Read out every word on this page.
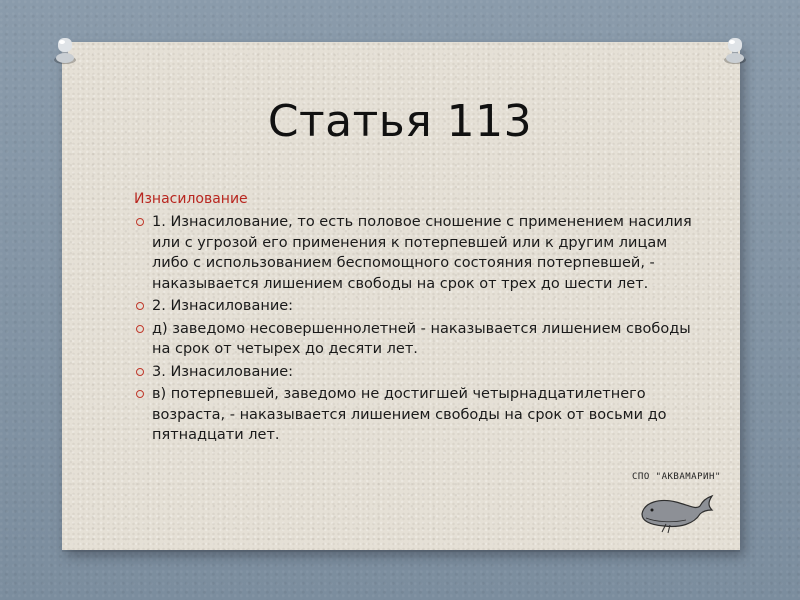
Статья 113
Изнасилование
1. Изнасилование, то есть половое сношение с применением насилия или с угрозой его применения к потерпевшей или к другим лицам либо с использованием беспомощного состояния потерпевшей, - наказывается лишением свободы на срок от трех до шести лет.
2. Изнасилование:
д) заведомо несовершеннолетней - наказывается лишением свободы на срок от четырех до десяти лет.
3. Изнасилование:
в) потерпевшей, заведомо не достигшей четырнадцатилетнего возраста, - наказывается лишением свободы на срок от восьми до пятнадцати лет.
СПО "АКВАМАРИН"
